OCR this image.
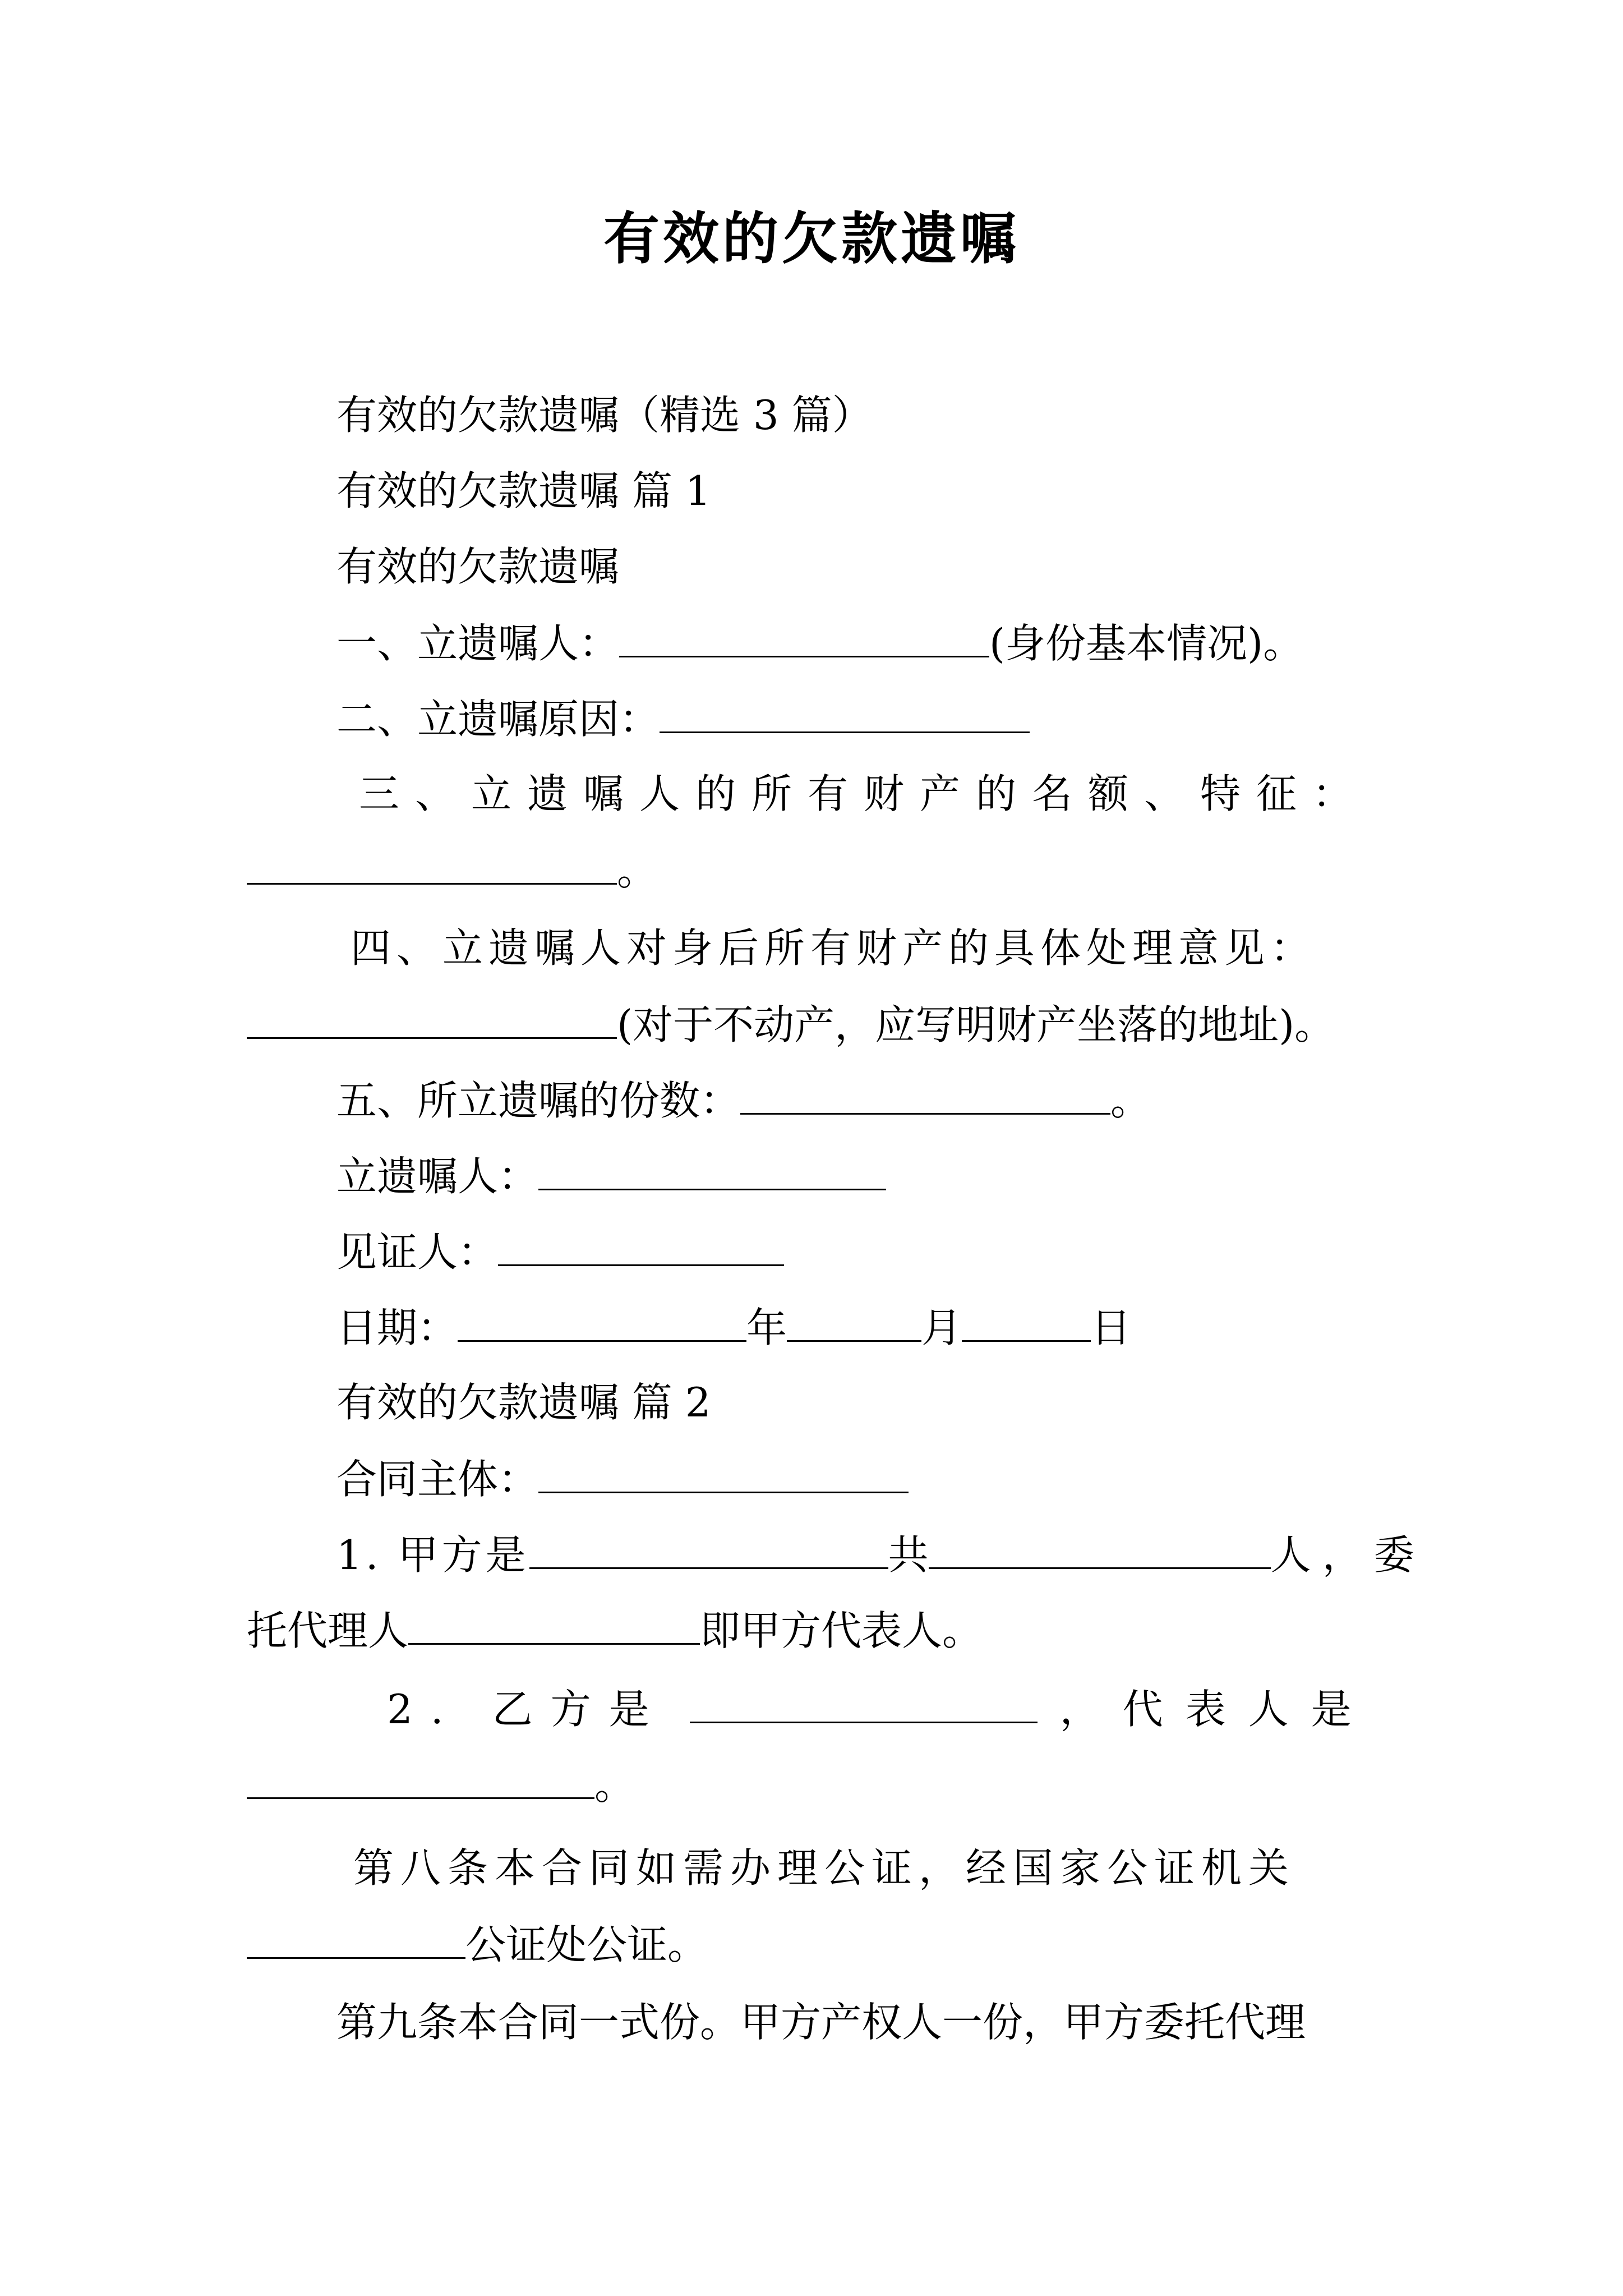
有效的欠款遗嘱
有效的欠款遗嘱（精选 3 篇）
有效的欠款遗嘱 篇 1
有效的欠款遗嘱
一、立遗嘱人：	(身份基本情况)。
二、立遗嘱原因：
三、立遗嘱人的所有财产的名额、特征：
。
四、立遗嘱人对身后所有财产的具体处理意见：
(对于不动产，应写明财产坐落的地址)。
五、所立遗嘱的份数：	。
立遗嘱人：
见证人：
日期：	年	月	日
有效的欠款遗嘱 篇 2
合同主体：
1. 甲方是	共	人，委
托代理人	即甲方代表人。
2. 乙方是	，代表人是
。
第八条本合同如需办理公证，经国家公证机关
公证处公证。
第九条本合同一式份。甲方产权人一份，甲方委托代理
